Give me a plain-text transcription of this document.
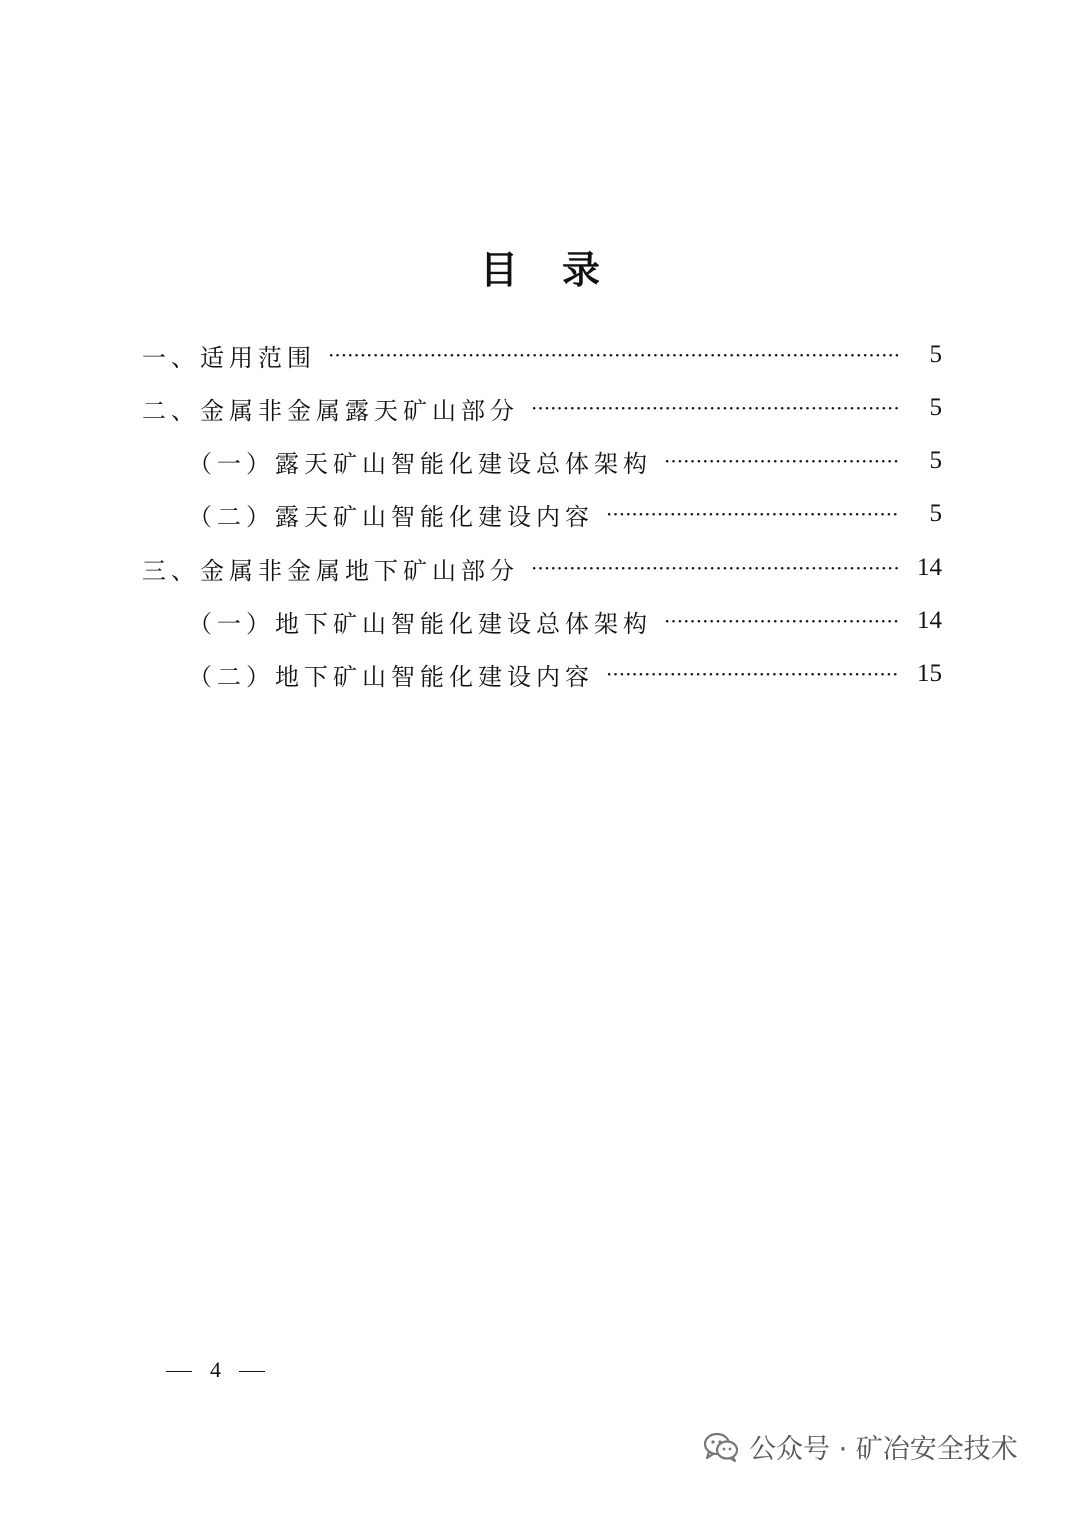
目 录
一、适用范围 ·····	5
二、金属非金属露天矿山部分 ·····	5
（一）露天矿山智能化建设总体架构 ·····	5
（二）露天矿山智能化建设内容 ·····	5
三、金属非金属地下矿山部分 ·····	14
（一）地下矿山智能化建设总体架构 ·····	14
（二）地下矿山智能化建设内容 ·····	15
4
公众号 · 矿冶安全技术
